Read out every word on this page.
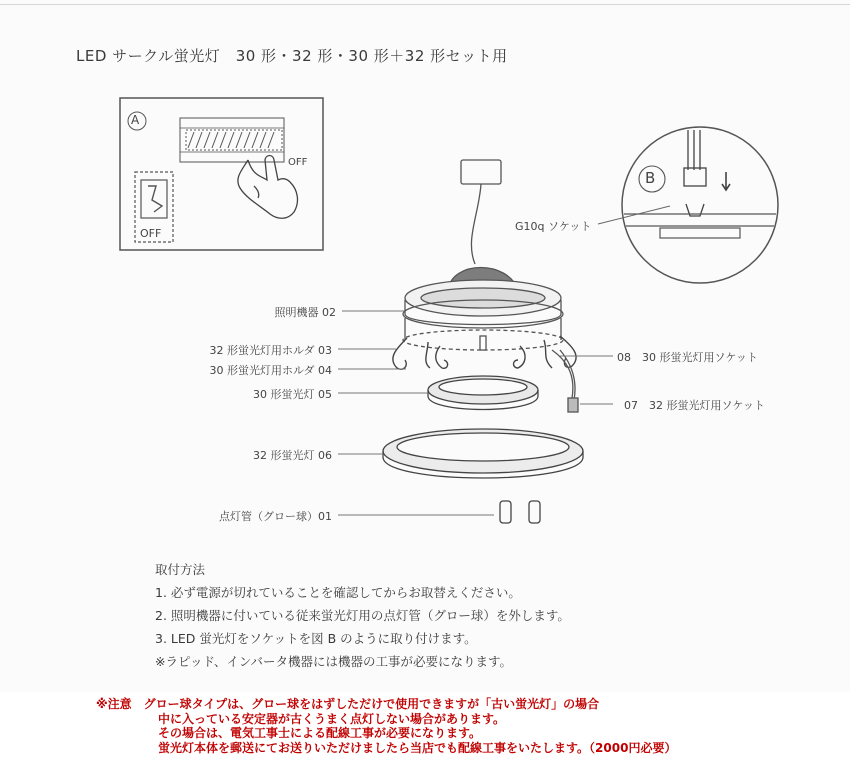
LED サークル蛍光灯　30 形・32 形・30 形＋32 形セット用
A
OFF
OFF
B
G10q ソケット
照明機器 02
32 形蛍光灯用ホルダ 03
30 形蛍光灯用ホルダ 04
30 形蛍光灯 05
32 形蛍光灯 06
点灯管（グロー球）01
08　30 形蛍光灯用ソケット
07　32 形蛍光灯用ソケット
取付方法
1. 必ず電源が切れていることを確認してからお取替えください。
2. 照明機器に付いている従来蛍光灯用の点灯管（グロー球）を外します。
3. LED 蛍光灯をソケットを図 B のように取り付けます。
※ラピッド、インバータ機器には機器の工事が必要になります。
※注意　グロー球タイプは、グロー球をはずしただけで使用できますが「古い蛍光灯」の場合
中に入っている安定器が古くうまく点灯しない場合があります。
その場合は、電気工事士による配線工事が必要になります。
蛍光灯本体を郵送にてお送りいただけましたら当店でも配線工事をいたします。（2000円必要）
